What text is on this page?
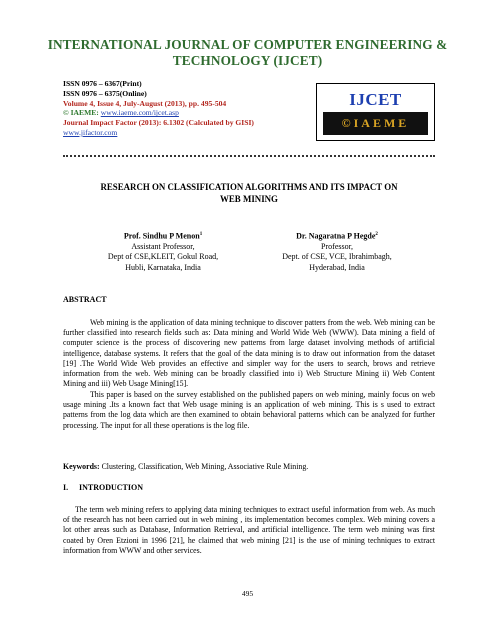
INTERNATIONAL JOURNAL OF COMPUTER ENGINEERING &
TECHNOLOGY (IJCET)
ISSN 0976 – 6367(Print)
ISSN 0976 – 6375(Online)
Volume 4, Issue 4, July-August (2013), pp. 495-504
© IAEME: www.iaeme.com/ijcet.asp
Journal Impact Factor (2013): 6.1302 (Calculated by GISI)
www.jifactor.com
IJCET
©IAEME
RESEARCH ON CLASSIFICATION ALGORITHMS AND ITS IMPACT ON
WEB MINING
Prof. Sindhu P Menon$^1$
Assistant Professor,
Dept of CSE,KLEIT, Gokul Road,
Hubli, Karnataka, India
Dr. Nagaratna P Hegde$^2$
Professor,
Dept. of CSE, VCE, Ibrahimbagh,
Hyderabad, India
ABSTRACT
Web mining is the application of data mining technique to discover patters from the web. Web mining can be further classified into research fields such as: Data mining and World Wide Web (WWW). Data mining a field of computer science is the process of discovering new patterns from large dataset involving methods of artificial intelligence, database systems. It refers that the goal of the data mining is to draw out information from the dataset [19] .The World Wide Web provides an effective and simpler way for the users to search, brows and retrieve information from the web. Web mining can be broadly classified into i) Web Structure Mining ii) Web Content Mining and iii) Web Usage Mining[15].
This paper is based on the survey established on the published papers on web mining, mainly focus on web usage mining .Its a known fact that Web usage mining is an application of web mining. This is s used to extract patterns from the log data which are then examined to obtain behavioral patterns which can be analyzed for further processing. The input for all these operations is the log file.
Keywords: Clustering, Classification, Web Mining, Associative Rule Mining.
I. INTRODUCTION
The term web mining refers to applying data mining techniques to extract useful information from web. As much of the research has not been carried out in web mining , its implementation becomes complex. Web mining covers a lot other areas such as Database, Information Retrieval, and artificial intelligence. The term web mining was first coated by Oren Etzioni in 1996 [21], he claimed that web mining [21] is the use of mining techniques to extract information from WWW and other services.
495
